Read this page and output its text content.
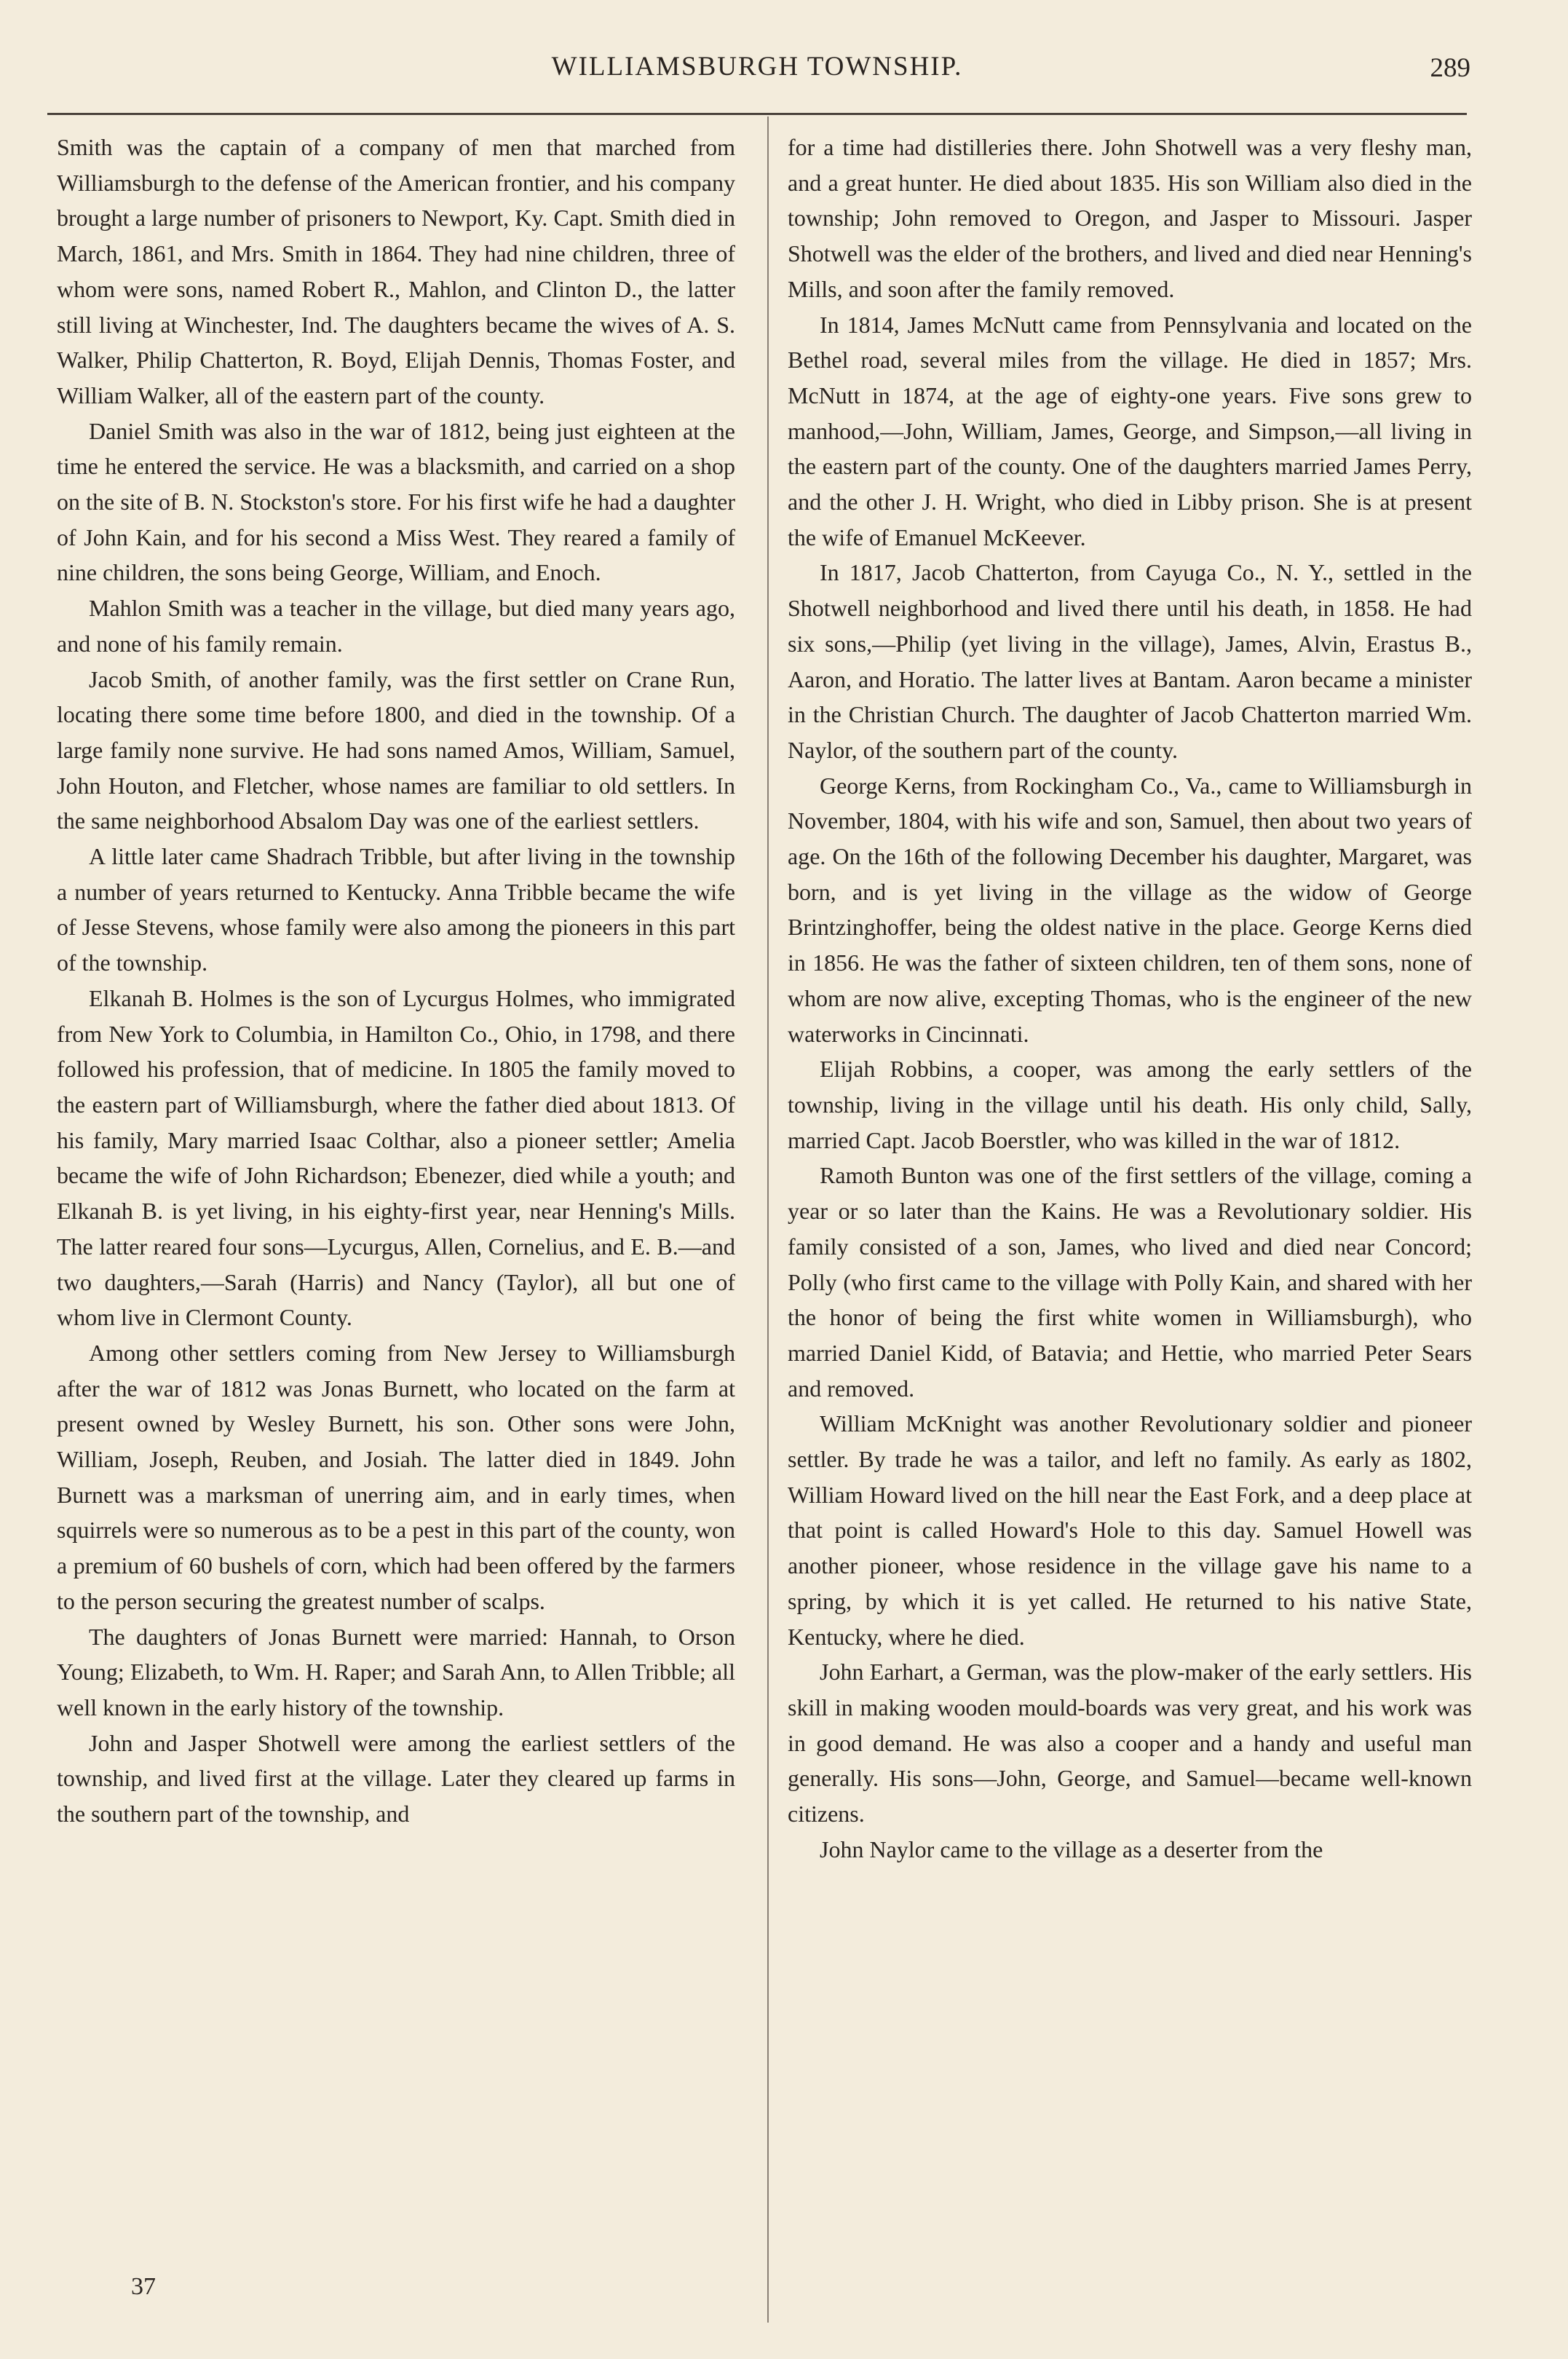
WILLIAMSBURGH TOWNSHIP.	289

Smith was the captain of a company of men that marched from Williamsburgh to the defense of the American frontier, and his company brought a large number of prisoners to Newport, Ky. Capt. Smith died in March, 1861, and Mrs. Smith in 1864. They had nine children, three of whom were sons, named Robert R., Mahlon, and Clinton D., the latter still living at Winchester, Ind. The daughters became the wives of A. S. Walker, Philip Chatterton, R. Boyd, Elijah Dennis, Thomas Foster, and William Walker, all of the eastern part of the county.

Daniel Smith was also in the war of 1812, being just eighteen at the time he entered the service. He was a blacksmith, and carried on a shop on the site of B. N. Stockston's store. For his first wife he had a daughter of John Kain, and for his second a Miss West. They reared a family of nine children, the sons being George, William, and Enoch.

Mahlon Smith was a teacher in the village, but died many years ago, and none of his family remain.

Jacob Smith, of another family, was the first settler on Crane Run, locating there some time before 1800, and died in the township. Of a large family none survive. He had sons named Amos, William, Samuel, John Houton, and Fletcher, whose names are familiar to old settlers. In the same neighborhood Absalom Day was one of the earliest settlers.

A little later came Shadrach Tribble, but after living in the township a number of years returned to Kentucky. Anna Tribble became the wife of Jesse Stevens, whose family were also among the pioneers in this part of the township.

Elkanah B. Holmes is the son of Lycurgus Holmes, who immigrated from New York to Columbia, in Hamilton Co., Ohio, in 1798, and there followed his profession, that of medicine. In 1805 the family moved to the eastern part of Williamsburgh, where the father died about 1813. Of his family, Mary married Isaac Colthar, also a pioneer settler; Amelia became the wife of John Richardson; Ebenezer, died while a youth; and Elkanah B. is yet living, in his eighty-first year, near Henning's Mills. The latter reared four sons—Lycurgus, Allen, Cornelius, and E. B.—and two daughters,—Sarah (Harris) and Nancy (Taylor), all but one of whom live in Clermont County.

Among other settlers coming from New Jersey to Williamsburgh after the war of 1812 was Jonas Burnett, who located on the farm at present owned by Wesley Burnett, his son. Other sons were John, William, Joseph, Reuben, and Josiah. The latter died in 1849. John Burnett was a marksman of unerring aim, and in early times, when squirrels were so numerous as to be a pest in this part of the county, won a premium of 60 bushels of corn, which had been offered by the farmers to the person securing the greatest number of scalps.

The daughters of Jonas Burnett were married: Hannah, to Orson Young; Elizabeth, to Wm. H. Raper; and Sarah Ann, to Allen Tribble; all well known in the early history of the township.

John and Jasper Shotwell were among the earliest settlers of the township, and lived first at the village. Later they cleared up farms in the southern part of the township, and

for a time had distilleries there. John Shotwell was a very fleshy man, and a great hunter. He died about 1835. His son William also died in the township; John removed to Oregon, and Jasper to Missouri. Jasper Shotwell was the elder of the brothers, and lived and died near Henning's Mills, and soon after the family removed.

In 1814, James McNutt came from Pennsylvania and located on the Bethel road, several miles from the village. He died in 1857; Mrs. McNutt in 1874, at the age of eighty-one years. Five sons grew to manhood,—John, William, James, George, and Simpson,—all living in the eastern part of the county. One of the daughters married James Perry, and the other J. H. Wright, who died in Libby prison. She is at present the wife of Emanuel McKeever.

In 1817, Jacob Chatterton, from Cayuga Co., N. Y., settled in the Shotwell neighborhood and lived there until his death, in 1858. He had six sons,—Philip (yet living in the village), James, Alvin, Erastus B., Aaron, and Horatio. The latter lives at Bantam. Aaron became a minister in the Christian Church. The daughter of Jacob Chatterton married Wm. Naylor, of the southern part of the county.

George Kerns, from Rockingham Co., Va., came to Williamsburgh in November, 1804, with his wife and son, Samuel, then about two years of age. On the 16th of the following December his daughter, Margaret, was born, and is yet living in the village as the widow of George Brintzinghoffer, being the oldest native in the place. George Kerns died in 1856. He was the father of sixteen children, ten of them sons, none of whom are now alive, excepting Thomas, who is the engineer of the new waterworks in Cincinnati.

Elijah Robbins, a cooper, was among the early settlers of the township, living in the village until his death. His only child, Sally, married Capt. Jacob Boerstler, who was killed in the war of 1812.

Ramoth Bunton was one of the first settlers of the village, coming a year or so later than the Kains. He was a Revolutionary soldier. His family consisted of a son, James, who lived and died near Concord; Polly (who first came to the village with Polly Kain, and shared with her the honor of being the first white women in Williamsburgh), who married Daniel Kidd, of Batavia; and Hettie, who married Peter Sears and removed.

William McKnight was another Revolutionary soldier and pioneer settler. By trade he was a tailor, and left no family. As early as 1802, William Howard lived on the hill near the East Fork, and a deep place at that point is called Howard's Hole to this day. Samuel Howell was another pioneer, whose residence in the village gave his name to a spring, by which it is yet called. He returned to his native State, Kentucky, where he died.

John Earhart, a German, was the plow-maker of the early settlers. His skill in making wooden mould-boards was very great, and his work was in good demand. He was also a cooper and a handy and useful man generally. His sons—John, George, and Samuel—became well-known citizens.

John Naylor came to the village as a deserter from the

37
